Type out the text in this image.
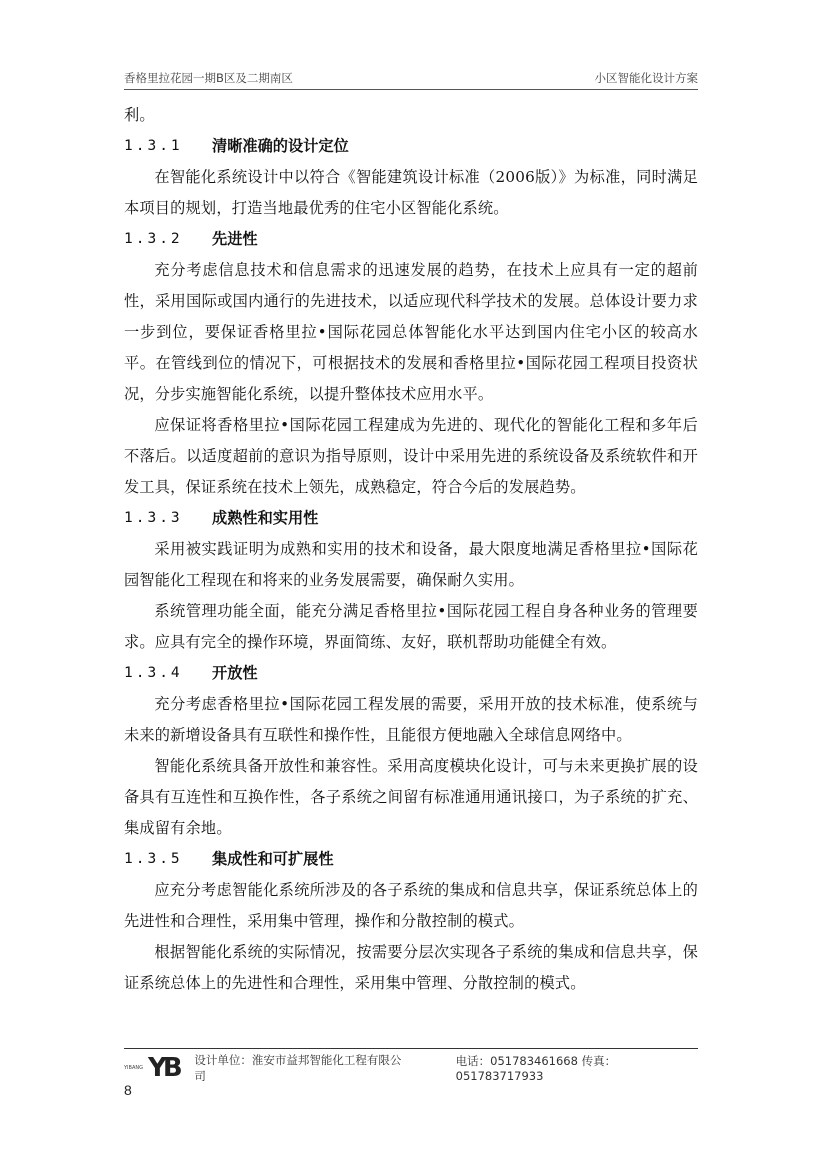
香格里拉花园一期B区及二期南区	小区智能化设计方案

利。

1.3.1	清晰准确的设计定位

在智能化系统设计中以符合《智能建筑设计标准（2006版）》为标准，同时满足本项目的规划，打造当地最优秀的住宅小区智能化系统。

1.3.2	先进性

充分考虑信息技术和信息需求的迅速发展的趋势，在技术上应具有一定的超前性，采用国际或国内通行的先进技术，以适应现代科学技术的发展。总体设计要力求一步到位，要保证香格里拉•国际花园总体智能化水平达到国内住宅小区的较高水平。在管线到位的情况下，可根据技术的发展和香格里拉•国际花园工程项目投资状况，分步实施智能化系统，以提升整体技术应用水平。

应保证将香格里拉•国际花园工程建成为先进的、现代化的智能化工程和多年后不落后。以适度超前的意识为指导原则，设计中采用先进的系统设备及系统软件和开发工具，保证系统在技术上领先，成熟稳定，符合今后的发展趋势。

1.3.3	成熟性和实用性

采用被实践证明为成熟和实用的技术和设备，最大限度地满足香格里拉•国际花园智能化工程现在和将来的业务发展需要，确保耐久实用。

系统管理功能全面，能充分满足香格里拉•国际花园工程自身各种业务的管理要求。应具有完全的操作环境，界面简练、友好，联机帮助功能健全有效。

1.3.4	开放性

充分考虑香格里拉•国际花园工程发展的需要，采用开放的技术标准，使系统与未来的新增设备具有互联性和操作性，且能很方便地融入全球信息网络中。

智能化系统具备开放性和兼容性。采用高度模块化设计，可与未来更换扩展的设备具有互连性和互换作性，各子系统之间留有标准通用通讯接口，为子系统的扩充、集成留有余地。

1.3.5	集成性和可扩展性

应充分考虑智能化系统所涉及的各子系统的集成和信息共享，保证系统总体上的先进性和合理性，采用集中管理，操作和分散控制的模式。

根据智能化系统的实际情况，按需要分层次实现各子系统的集成和信息共享，保证系统总体上的先进性和合理性，采用集中管理、分散控制的模式。

YIBANG YB 设计单位：淮安市益邦智能化工程有限公司
电话：051783461668 传真：051783717933
8
